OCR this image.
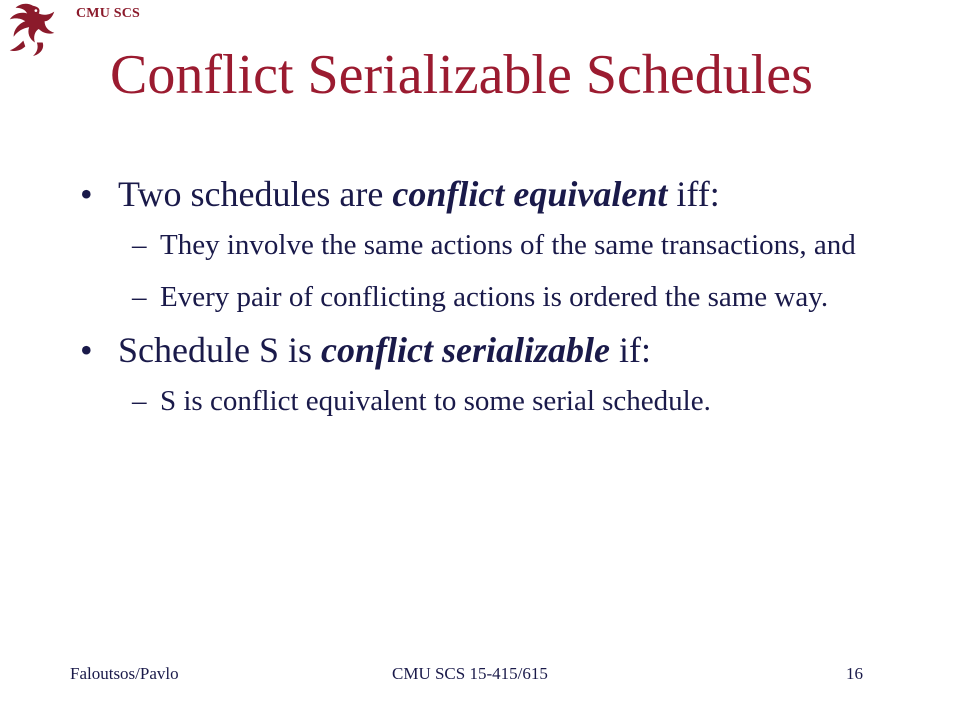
CMU SCS
Conflict Serializable Schedules
• Two schedules are conflict equivalent iff:
– They involve the same actions of the same transactions, and
– Every pair of conflicting actions is ordered the same way.
• Schedule S is conflict serializable if:
– S is conflict equivalent to some serial schedule.
Faloutsos/Pavlo	CMU SCS 15-415/615	16
